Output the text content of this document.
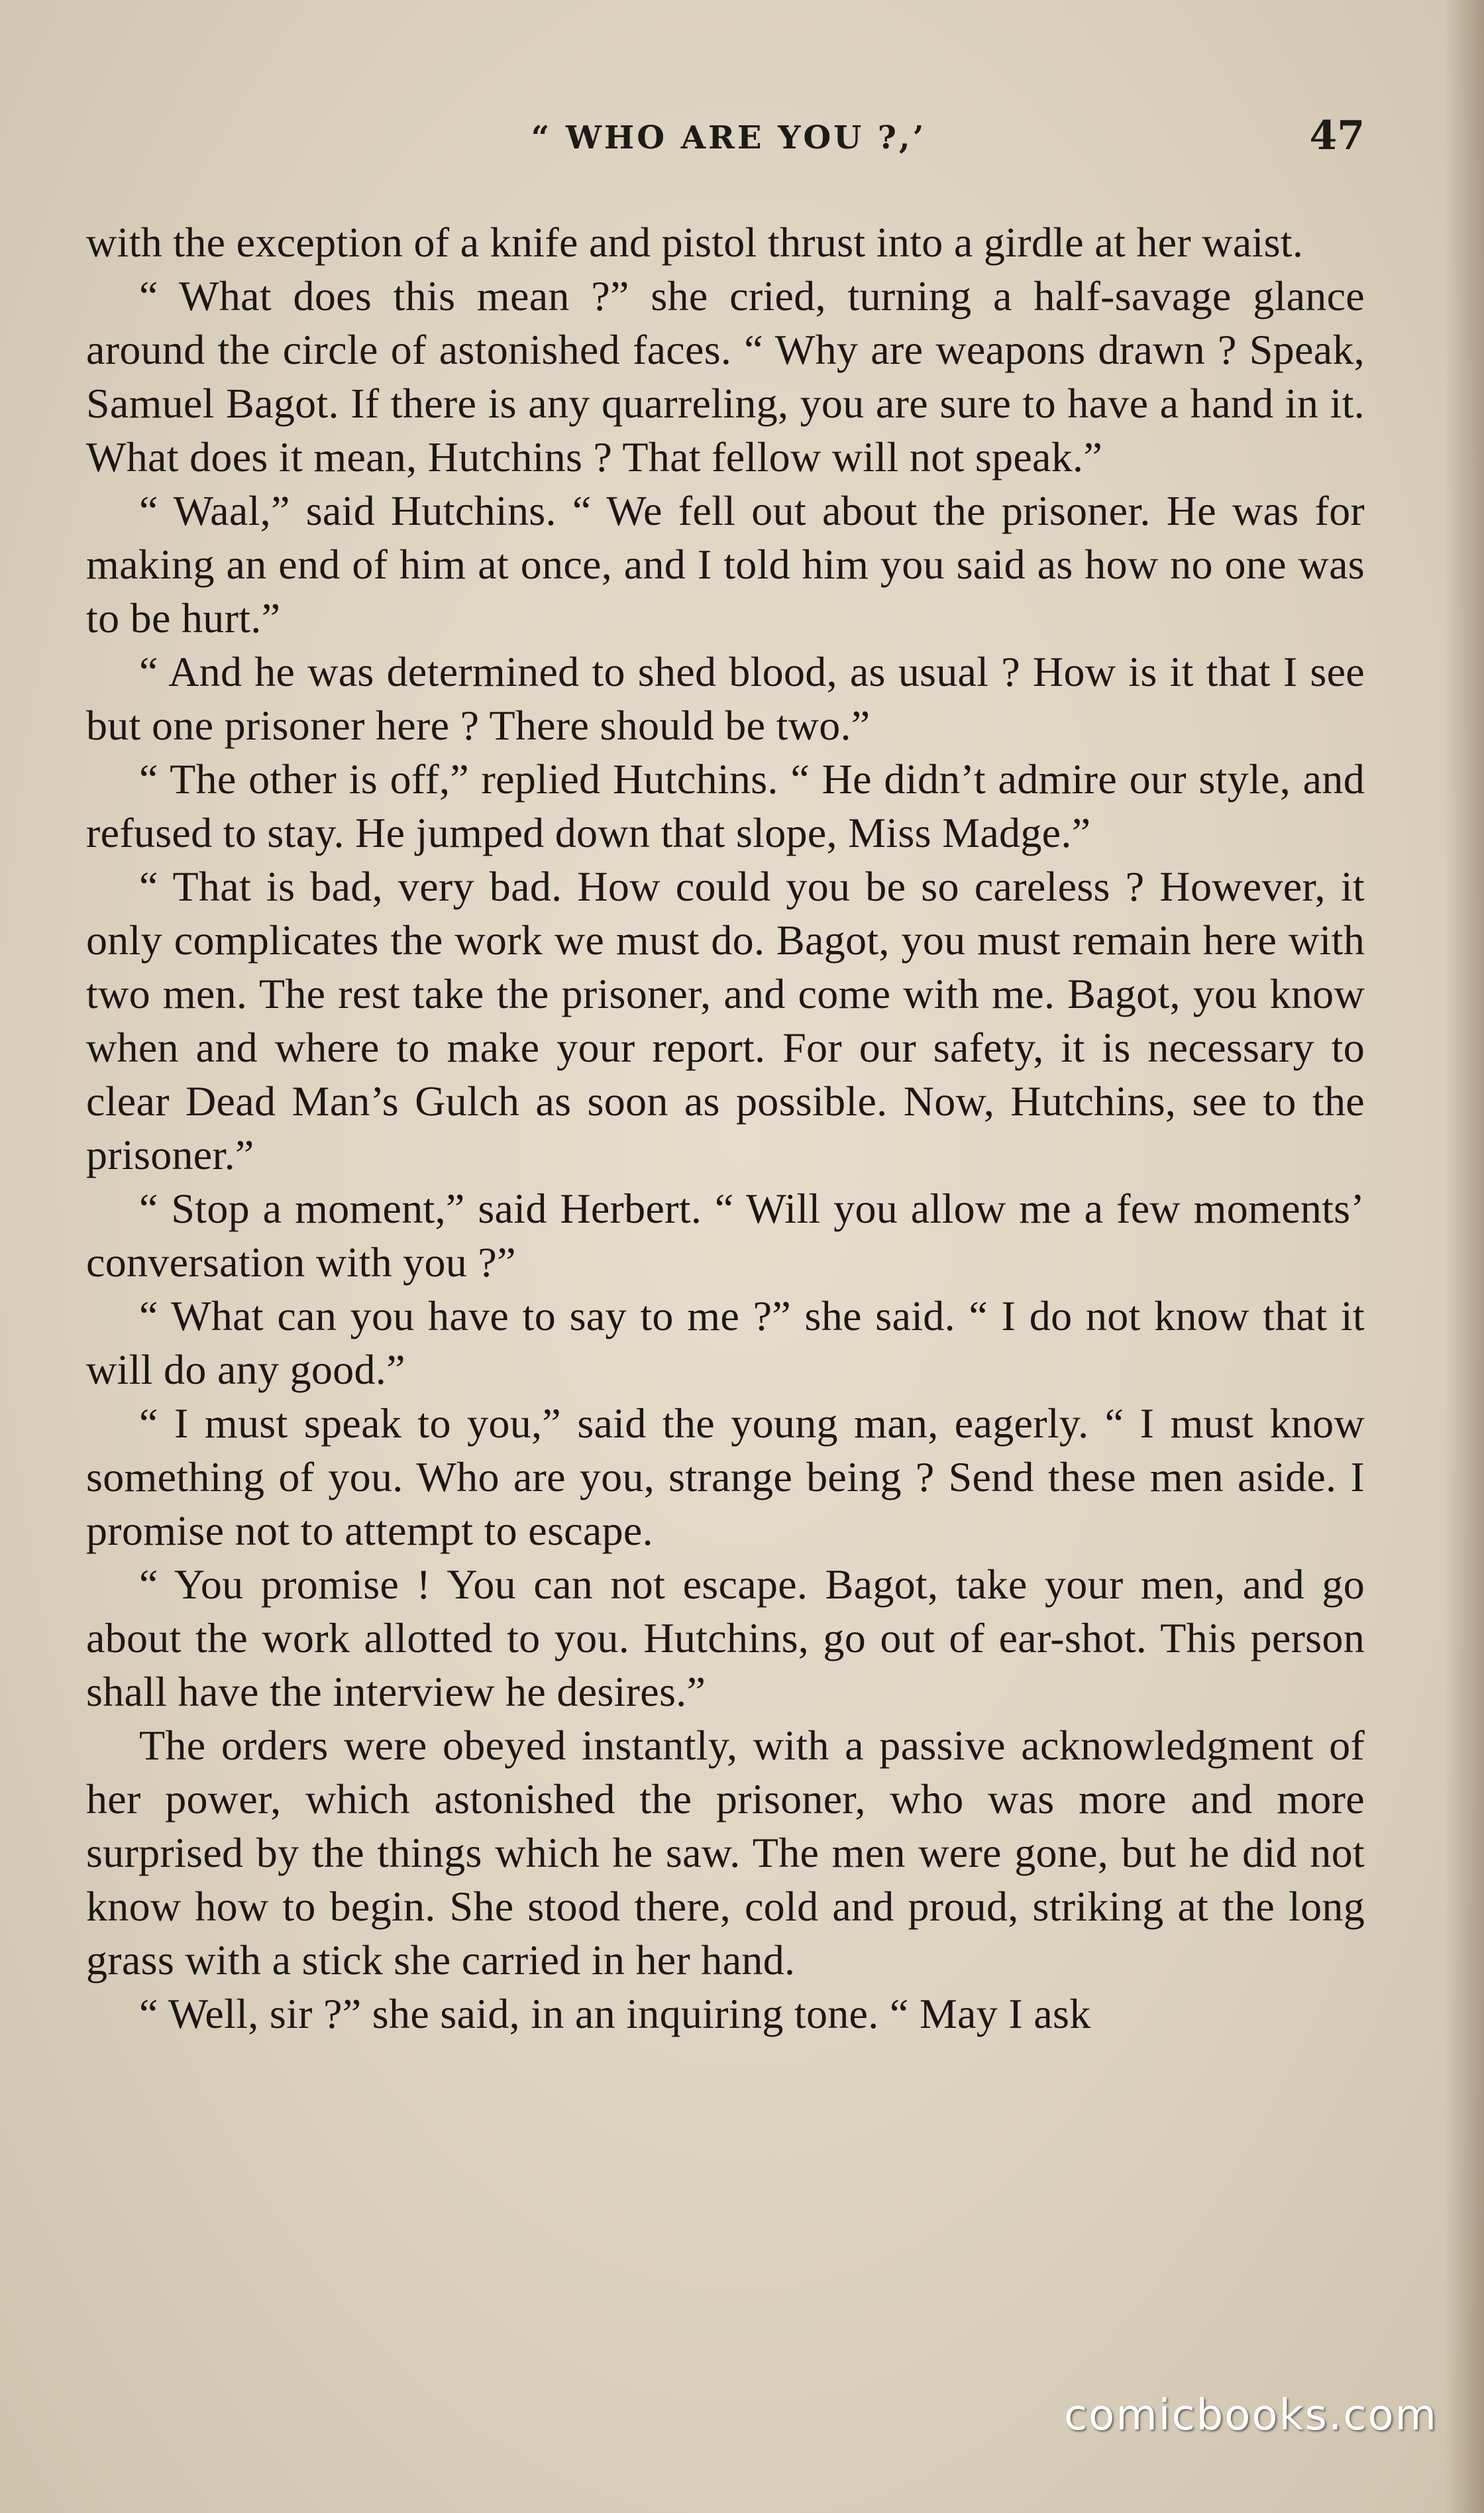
“ WHO ARE YOU ?,’	47

with the exception of a knife and pistol thrust into a girdle at her waist.

“ What does this mean ?” she cried, turning a half-savage glance around the circle of astonished faces. “ Why are weapons drawn ? Speak, Samuel Bagot. If there is any quarreling, you are sure to have a hand in it. What does it mean, Hutchins ? That fellow will not speak.”

“ Waal,” said Hutchins. “ We fell out about the prisoner. He was for making an end of him at once, and I told him you said as how no one was to be hurt.”

“ And he was determined to shed blood, as usual ? How is it that I see but one prisoner here ? There should be two.”

“ The other is off,” replied Hutchins. “ He didn’t admire our style, and refused to stay. He jumped down that slope, Miss Madge.”

“ That is bad, very bad. How could you be so careless ? However, it only complicates the work we must do. Bagot, you must remain here with two men. The rest take the prisoner, and come with me. Bagot, you know when and where to make your report. For our safety, it is necessary to clear Dead Man’s Gulch as soon as possible. Now, Hutchins, see to the prisoner.”

“ Stop a moment,” said Herbert. “ Will you allow me a few moments’ conversation with you ?”

“ What can you have to say to me ?” she said. “ I do not know that it will do any good.”

“ I must speak to you,” said the young man, eagerly. “ I must know something of you. Who are you, strange being ? Send these men aside. I promise not to attempt to escape.

“ You promise ! You can not escape. Bagot, take your men, and go about the work allotted to you. Hutchins, go out of ear-shot. This person shall have the interview he desires.”

The orders were obeyed instantly, with a passive acknowledgment of her power, which astonished the prisoner, who was more and more surprised by the things which he saw. The men were gone, but he did not know how to begin. She stood there, cold and proud, striking at the long grass with a stick she carried in her hand.

“ Well, sir ?” she said, in an inquiring tone. “ May I ask

comicbooks.com
